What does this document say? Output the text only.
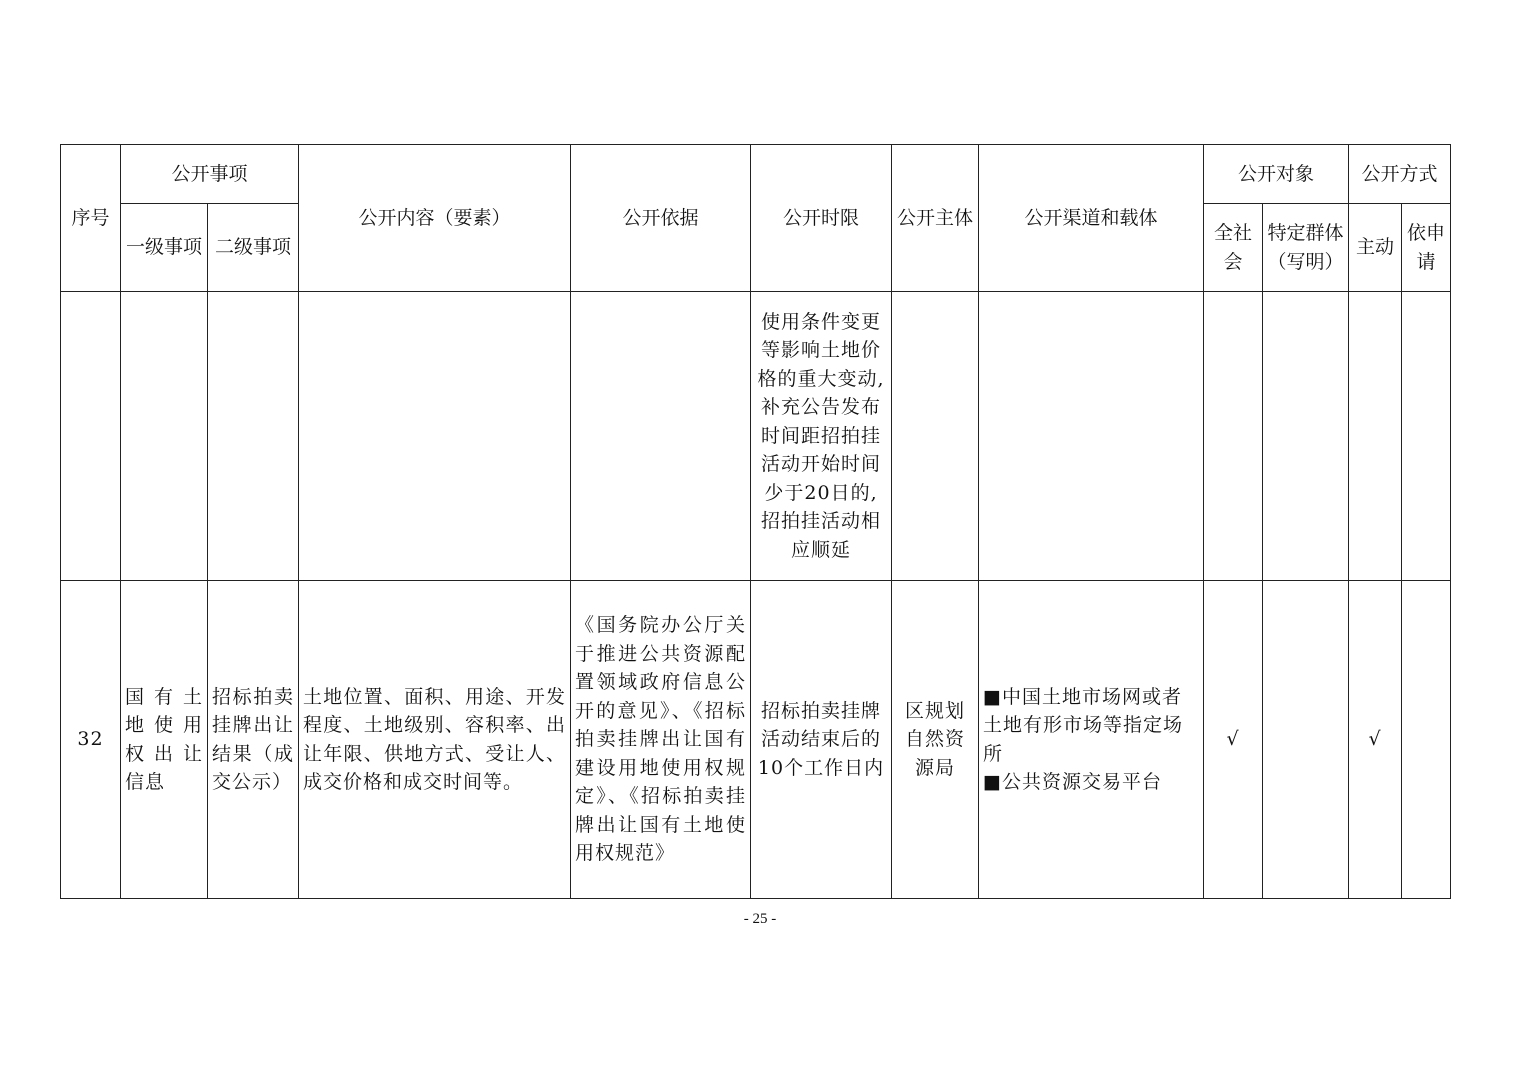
序号	公开事项		公开内容（要素）	公开依据	公开时限	公开主体	公开渠道和载体	公开对象		公开方式	
	一级事项	二级事项						全社会	特定群体（写明）	主动	依申请
					使用条件变更等影响土地价格的重大变动,补充公告发布时间距招拍挂活动开始时间少于20日的,招拍挂活动相应顺延		

32	国有土地使用权出让信息	招标拍卖挂牌出让结果（成交公示）	土地位置、面积、用途、开发程度、土地级别、容积率、出让年限、供地方式、受让人、成交价格和成交时间等。	《国务院办公厅关于推进公共资源配置领域政府信息公开的意见》、《招标拍卖挂牌出让国有建设用地使用权规定》、《招标拍卖挂牌出让国有土地使用权规范》	招标拍卖挂牌活动结束后的10个工作日内	区规划自然资源局	■中国土地市场网或者土地有形市场等指定场所
■公共资源交易平台	√		√	
- 25 -
